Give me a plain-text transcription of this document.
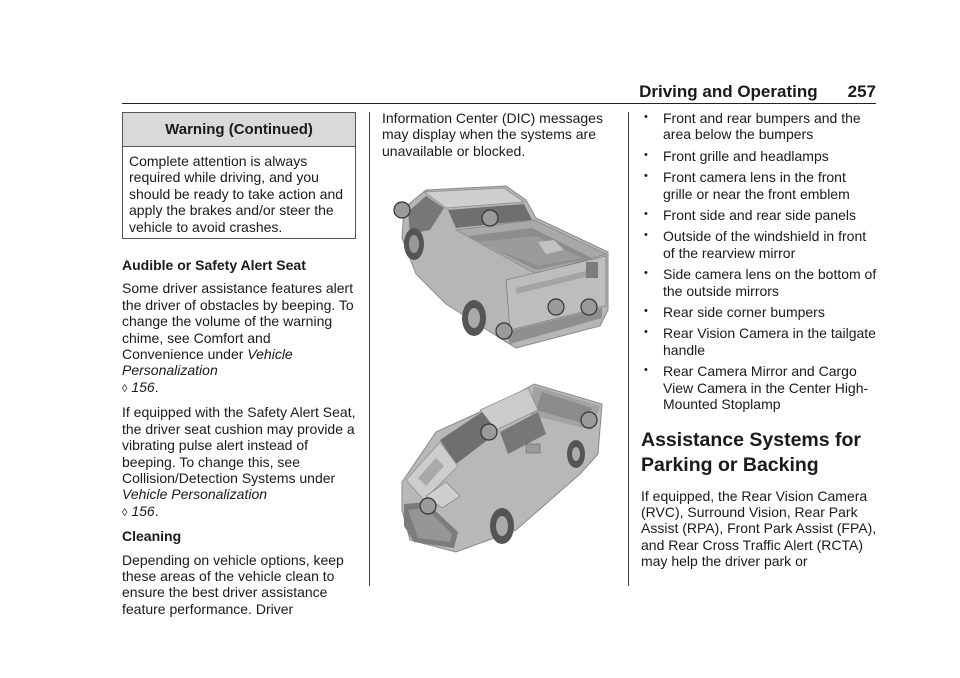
Driving and Operating 257
Warning (Continued)
Complete attention is always required while driving, and you should be ready to take action and apply the brakes and/or steer the vehicle to avoid crashes.

Audible or Safety Alert Seat

Some driver assistance features alert the driver of obstacles by beeping. To change the volume of the warning chime, see Comfort and Convenience under Vehicle Personalization
◊ 156.

If equipped with the Safety Alert Seat, the driver seat cushion may provide a vibrating pulse alert instead of beeping. To change this, see Collision/Detection Systems under Vehicle Personalization
◊ 156.

Cleaning

Depending on vehicle options, keep these areas of the vehicle clean to ensure the best driver assistance feature performance. Driver

Information Center (DIC) messages may display when the systems are unavailable or blocked.

• Front and rear bumpers and the area below the bumpers
• Front grille and headlamps
• Front camera lens in the front grille or near the front emblem
• Front side and rear side panels
• Outside of the windshield in front of the rearview mirror
• Side camera lens on the bottom of the outside mirrors
• Rear side corner bumpers
• Rear Vision Camera in the tailgate handle
• Rear Camera Mirror and Cargo View Camera in the Center High-Mounted Stoplamp
Assistance Systems for Parking or Backing

If equipped, the Rear Vision Camera (RVC), Surround Vision, Rear Park Assist (RPA), Front Park Assist (FPA), and Rear Cross Traffic Alert (RCTA) may help the driver park or
